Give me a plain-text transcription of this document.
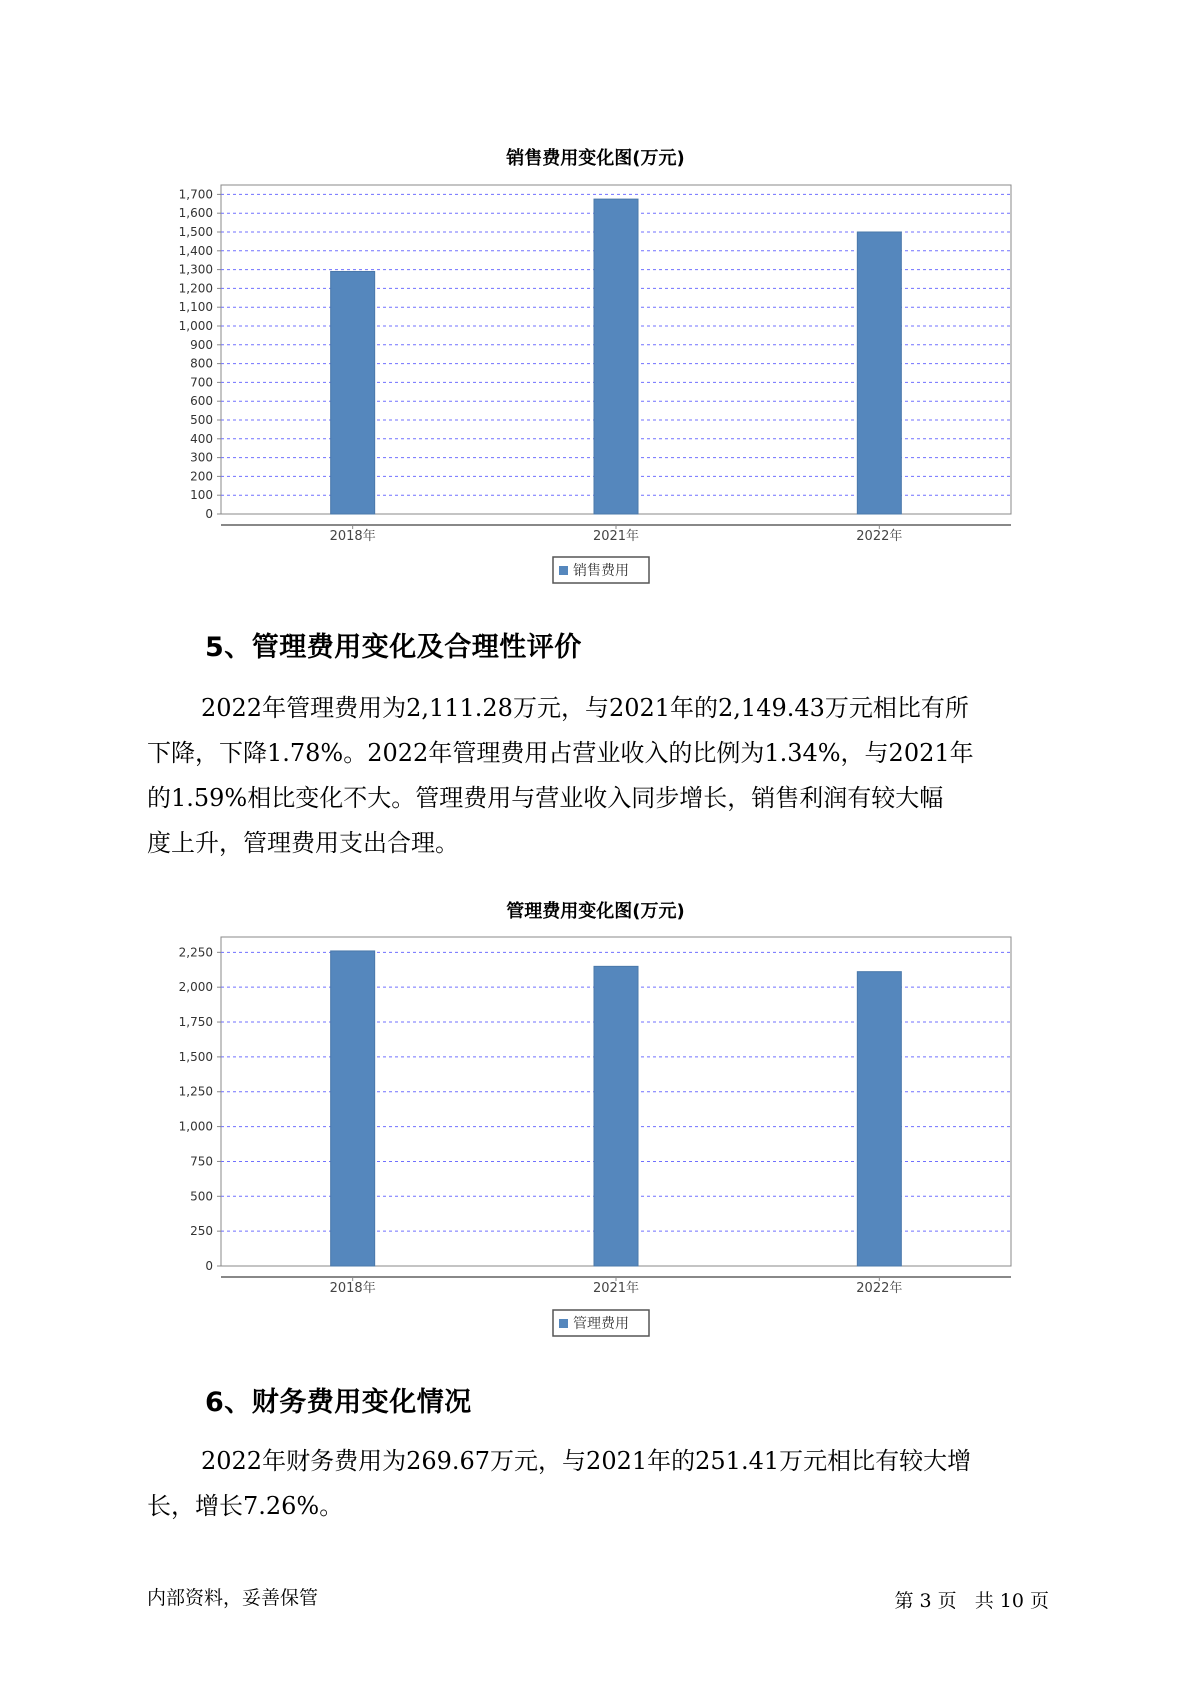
销售费用变化图(万元)
0
100
200
300
400
500
600
700
800
900
1,000
1,100
1,200
1,300
1,400
1,500
1,600
1,700
2018年	2021年	2022年
销售费用
5、管理费用变化及合理性评价

2022年管理费用为2,111.28万元，与2021年的2,149.43万元相比有所

下降，下降1.78%。2022年管理费用占营业收入的比例为1.34%，与2021年

的1.59%相比变化不大。管理费用与营业收入同步增长，销售利润有较大幅

度上升，管理费用支出合理。

管理费用变化图(万元)
0
250
500
750
1,000
1,250
1,500
1,750
2,000
2,250
2018年	2021年	2022年
管理费用
6、财务费用变化情况

2022年财务费用为269.67万元，与2021年的251.41万元相比有较大增

长，增长7.26%。

内部资料，妥善保管	第 3 页 共 10 页
